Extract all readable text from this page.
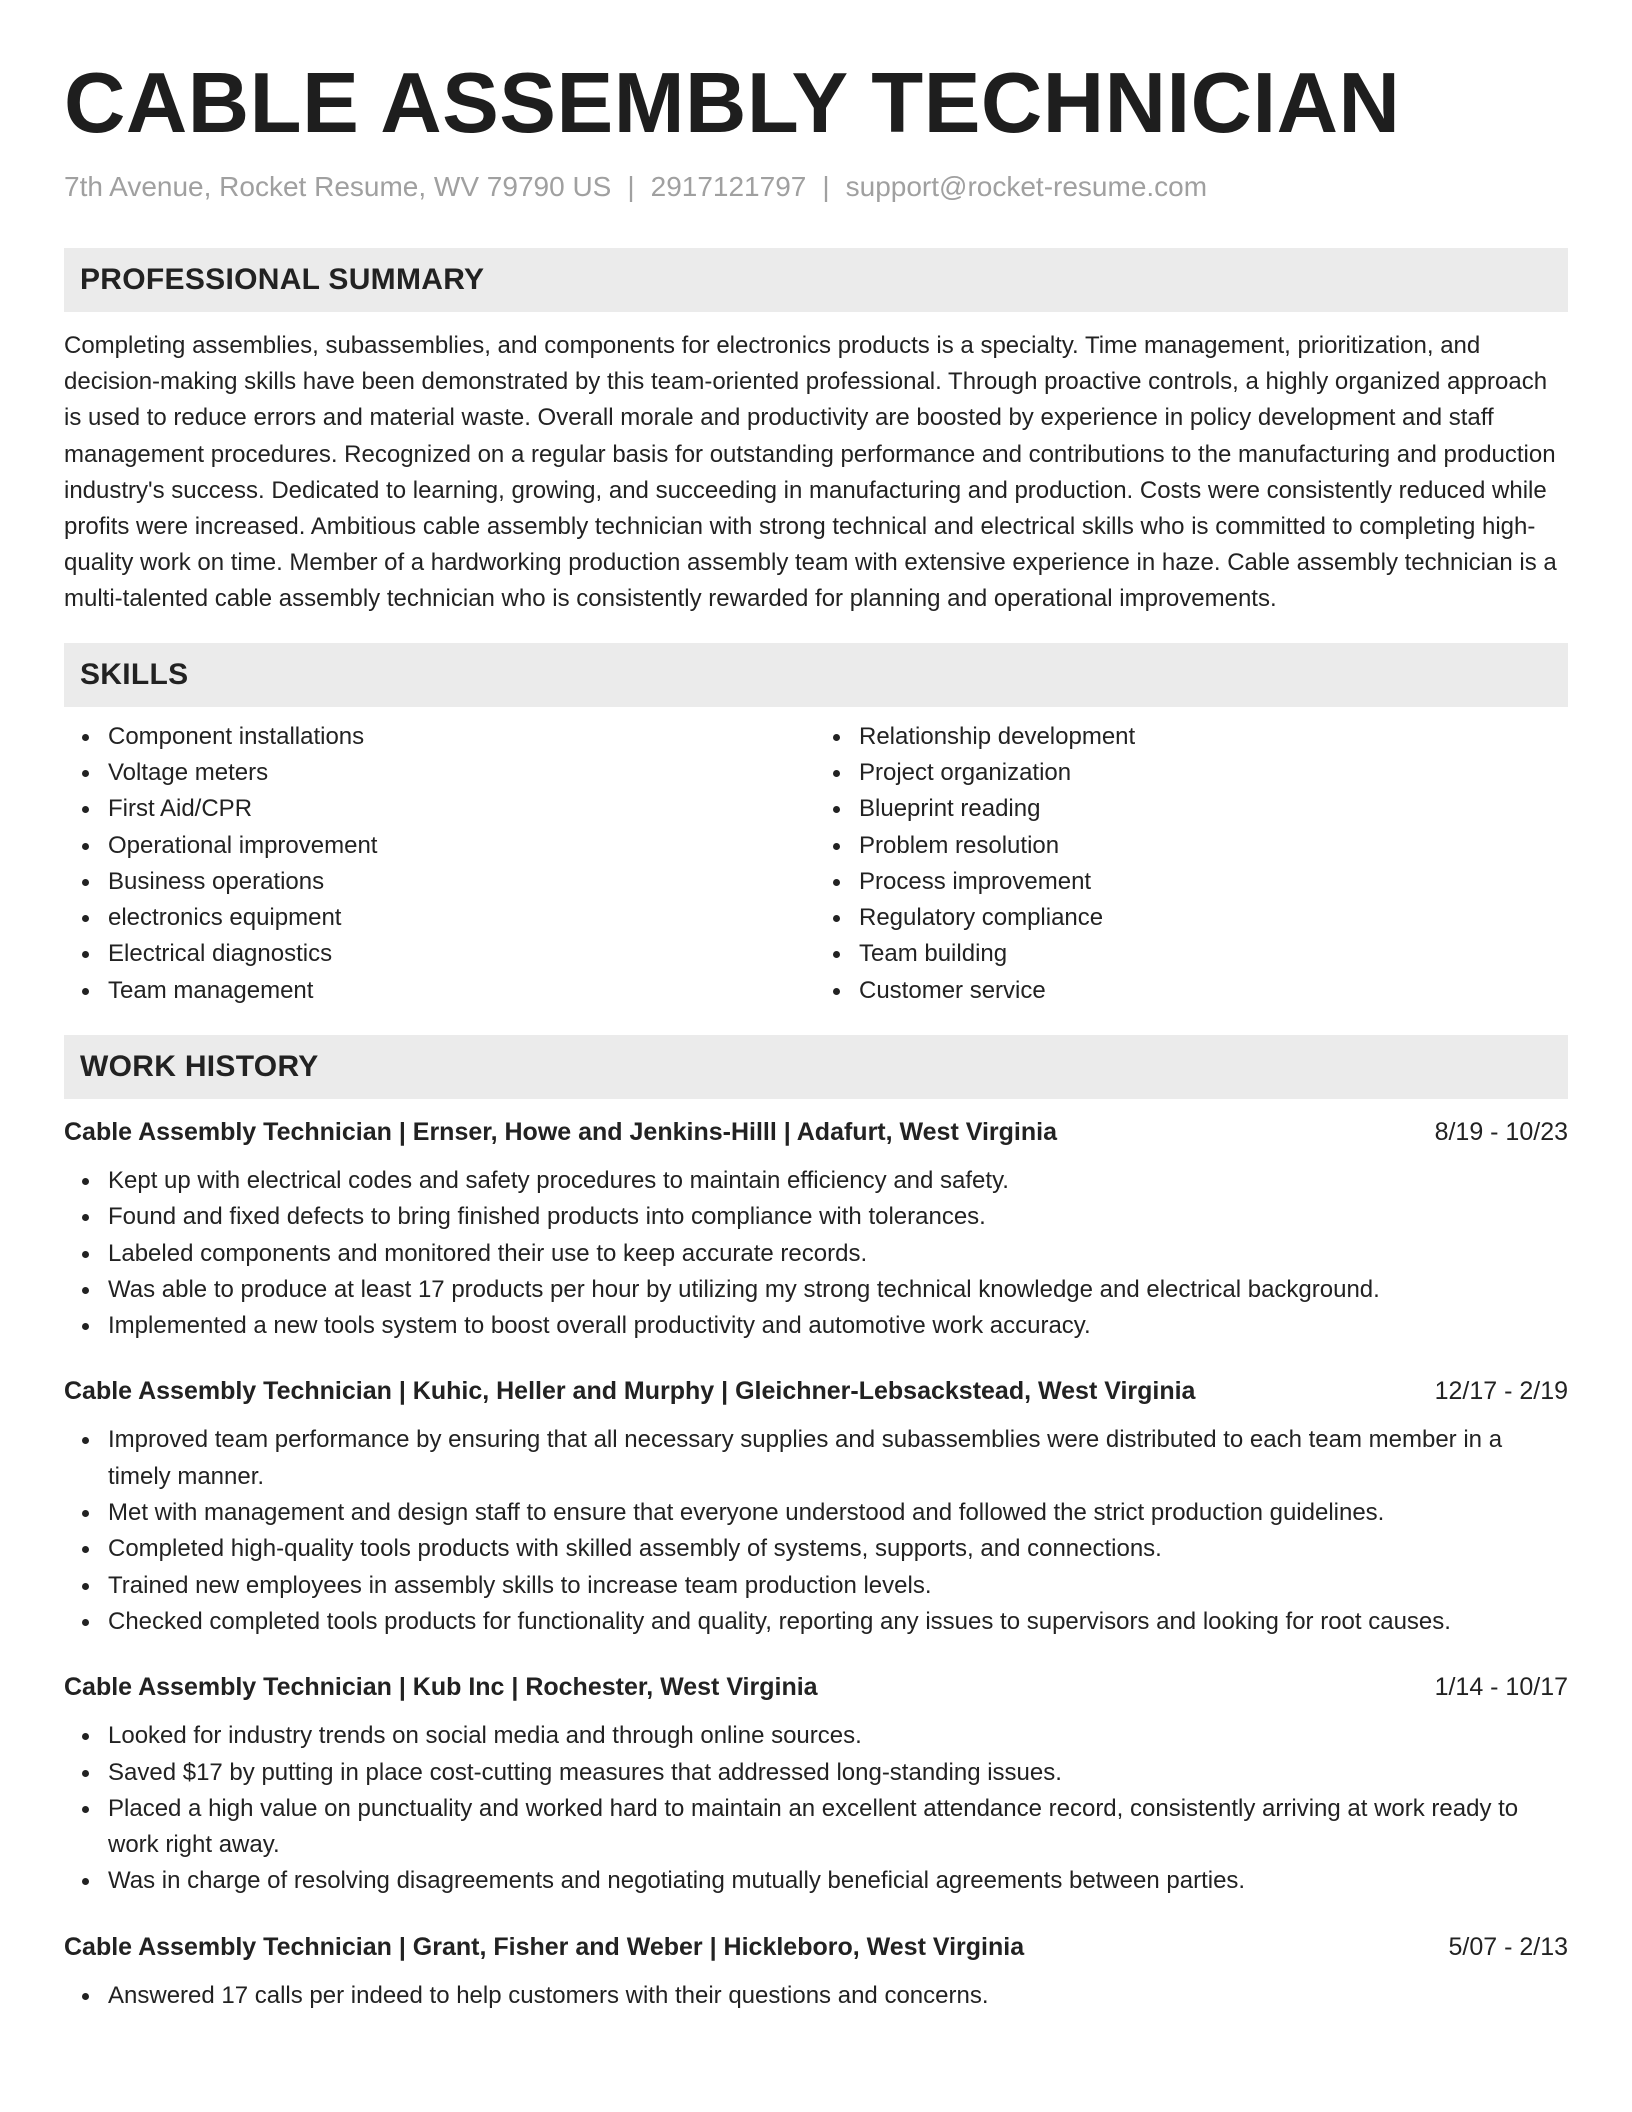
CABLE ASSEMBLY TECHNICIAN
7th Avenue, Rocket Resume, WV 79790 US | 2917121797 | support@rocket-resume.com
PROFESSIONAL SUMMARY

Completing assemblies, subassemblies, and components for electronics products is a specialty. Time management, prioritization, and decision-making skills have been demonstrated by this team-oriented professional. Through proactive controls, a highly organized approach is used to reduce errors and material waste. Overall morale and productivity are boosted by experience in policy development and staff management procedures. Recognized on a regular basis for outstanding performance and contributions to the manufacturing and production industry's success. Dedicated to learning, growing, and succeeding in manufacturing and production. Costs were consistently reduced while profits were increased. Ambitious cable assembly technician with strong technical and electrical skills who is committed to completing high-quality work on time. Member of a hardworking production assembly team with extensive experience in haze. Cable assembly technician is a multi-talented cable assembly technician who is consistently rewarded for planning and operational improvements.

SKILLS
Component installations
Voltage meters
First Aid/CPR
Operational improvement
Business operations
electronics equipment
Electrical diagnostics
Team management
Relationship development
Project organization
Blueprint reading
Problem resolution
Process improvement
Regulatory compliance
Team building
Customer service
WORK HISTORY
Cable Assembly Technician | Ernser, Howe and Jenkins-Hilll | Adafurt, West Virginia	8/19 - 10/23
Kept up with electrical codes and safety procedures to maintain efficiency and safety.
Found and fixed defects to bring finished products into compliance with tolerances.
Labeled components and monitored their use to keep accurate records.
Was able to produce at least 17 products per hour by utilizing my strong technical knowledge and electrical background.
Implemented a new tools system to boost overall productivity and automotive work accuracy.
Cable Assembly Technician | Kuhic, Heller and Murphy | Gleichner-Lebsackstead, West Virginia	12/17 - 2/19
Improved team performance by ensuring that all necessary supplies and subassemblies were distributed to each team member in a timely manner.
Met with management and design staff to ensure that everyone understood and followed the strict production guidelines.
Completed high-quality tools products with skilled assembly of systems, supports, and connections.
Trained new employees in assembly skills to increase team production levels.
Checked completed tools products for functionality and quality, reporting any issues to supervisors and looking for root causes.
Cable Assembly Technician | Kub Inc | Rochester, West Virginia	1/14 - 10/17
Looked for industry trends on social media and through online sources.
Saved $17 by putting in place cost-cutting measures that addressed long-standing issues.
Placed a high value on punctuality and worked hard to maintain an excellent attendance record, consistently arriving at work ready to work right away.
Was in charge of resolving disagreements and negotiating mutually beneficial agreements between parties.
Cable Assembly Technician | Grant, Fisher and Weber | Hickleboro, West Virginia	5/07 - 2/13
Answered 17 calls per indeed to help customers with their questions and concerns.
